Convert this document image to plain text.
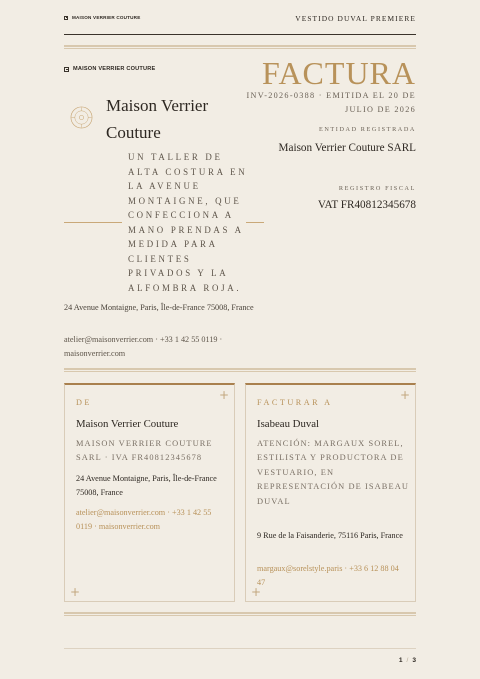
MAISON VERRIER COUTURE	VESTIDO DUVAL PREMIERE
MAISON VERRIER COUTURE
Maison Verrier Couture
UN TALLER DE ALTA COSTURA EN LA AVENUE MONTAIGNE, QUE CONFECCIONA A MANO PRENDAS A MEDIDA PARA CLIENTES PRIVADOS Y LA ALFOMBRA ROJA.
24 Avenue Montaigne, Paris, Île-de-France 75008, France
atelier@maisonverrier.com · +33 1 42 55 0119 · maisonverrier.com
FACTURA
INV-2026-0388 · EMITIDA EL 20 DE JULIO DE 2026
ENTIDAD REGISTRADA
Maison Verrier Couture SARL
REGISTRO FISCAL
VAT FR40812345678
+
+
DE
Maison Verrier Couture
MAISON VERRIER COUTURE SARL · IVA FR40812345678
24 Avenue Montaigne, Paris, Île-de-France 75008, France
atelier@maisonverrier.com · +33 1 42 55 0119 · maisonverrier.com
+
+
FACTURAR A
Isabeau Duval
ATENCIÓN: MARGAUX SOREL, ESTILISTA Y PRODUCTORA DE VESTUARIO, EN REPRESENTACIÓN DE ISABEAU DUVAL
9 Rue de la Faisanderie, 75116 Paris, France
margaux@sorelstyle.paris · +33 6 12 88 04 47
1 / 3
